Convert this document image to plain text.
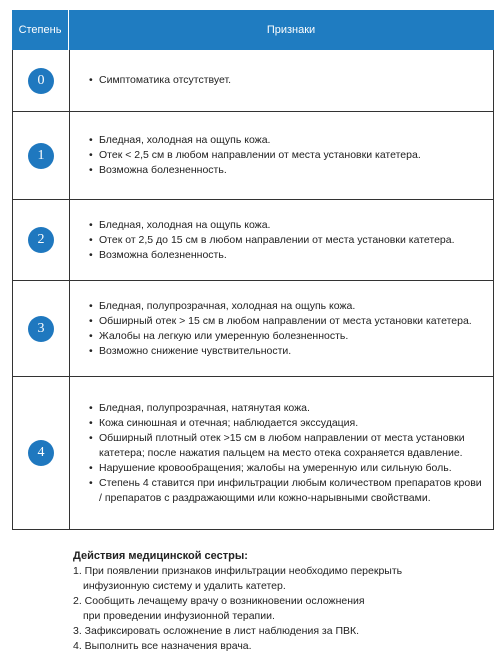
Степень	Признаки
0
•	Симптоматика отсутствует.
1
• Бледная, холодная на ощупь кожа.
• Отек < 2,5 см в любом направлении от места установки катетера.
• Возможна болезненность.
2
• Бледная, холодная на ощупь кожа.
• Отек от 2,5 до 15 см в любом направлении от места установки катетера.
• Возможна болезненность.
3
• Бледная, полупрозрачная, холодная на ощупь кожа.
• Обширный отек > 15 см в любом направлении от места установки катетера.
• Жалобы на легкую или умеренную болезненность.
• Возможно снижение чувствительности.
4
• Бледная, полупрозрачная, натянутая кожа.
• Кожа синюшная и отечная; наблюдается экссудация.
• Обширный плотный отек >15 см в любом направлении от места установки катетера; после нажатия пальцем на место отека сохраняется вдавление.
• Нарушение кровообращения; жалобы на умеренную или сильную боль.
• Степень 4 ставится при инфильтрации любым количеством препаратов крови / препаратов с раздражающими или кожно-нарывными свойствами.
Действия медицинской сестры:
1. При появлении признаков инфильтрации необходимо перекрыть
инфузионную систему и удалить катетер.
2. Сообщить лечащему врачу о возникновении осложнения
при проведении инфузионной терапии.
3. Зафиксировать осложнение в лист наблюдения за ПВК.
4. Выполнить все назначения врача.
